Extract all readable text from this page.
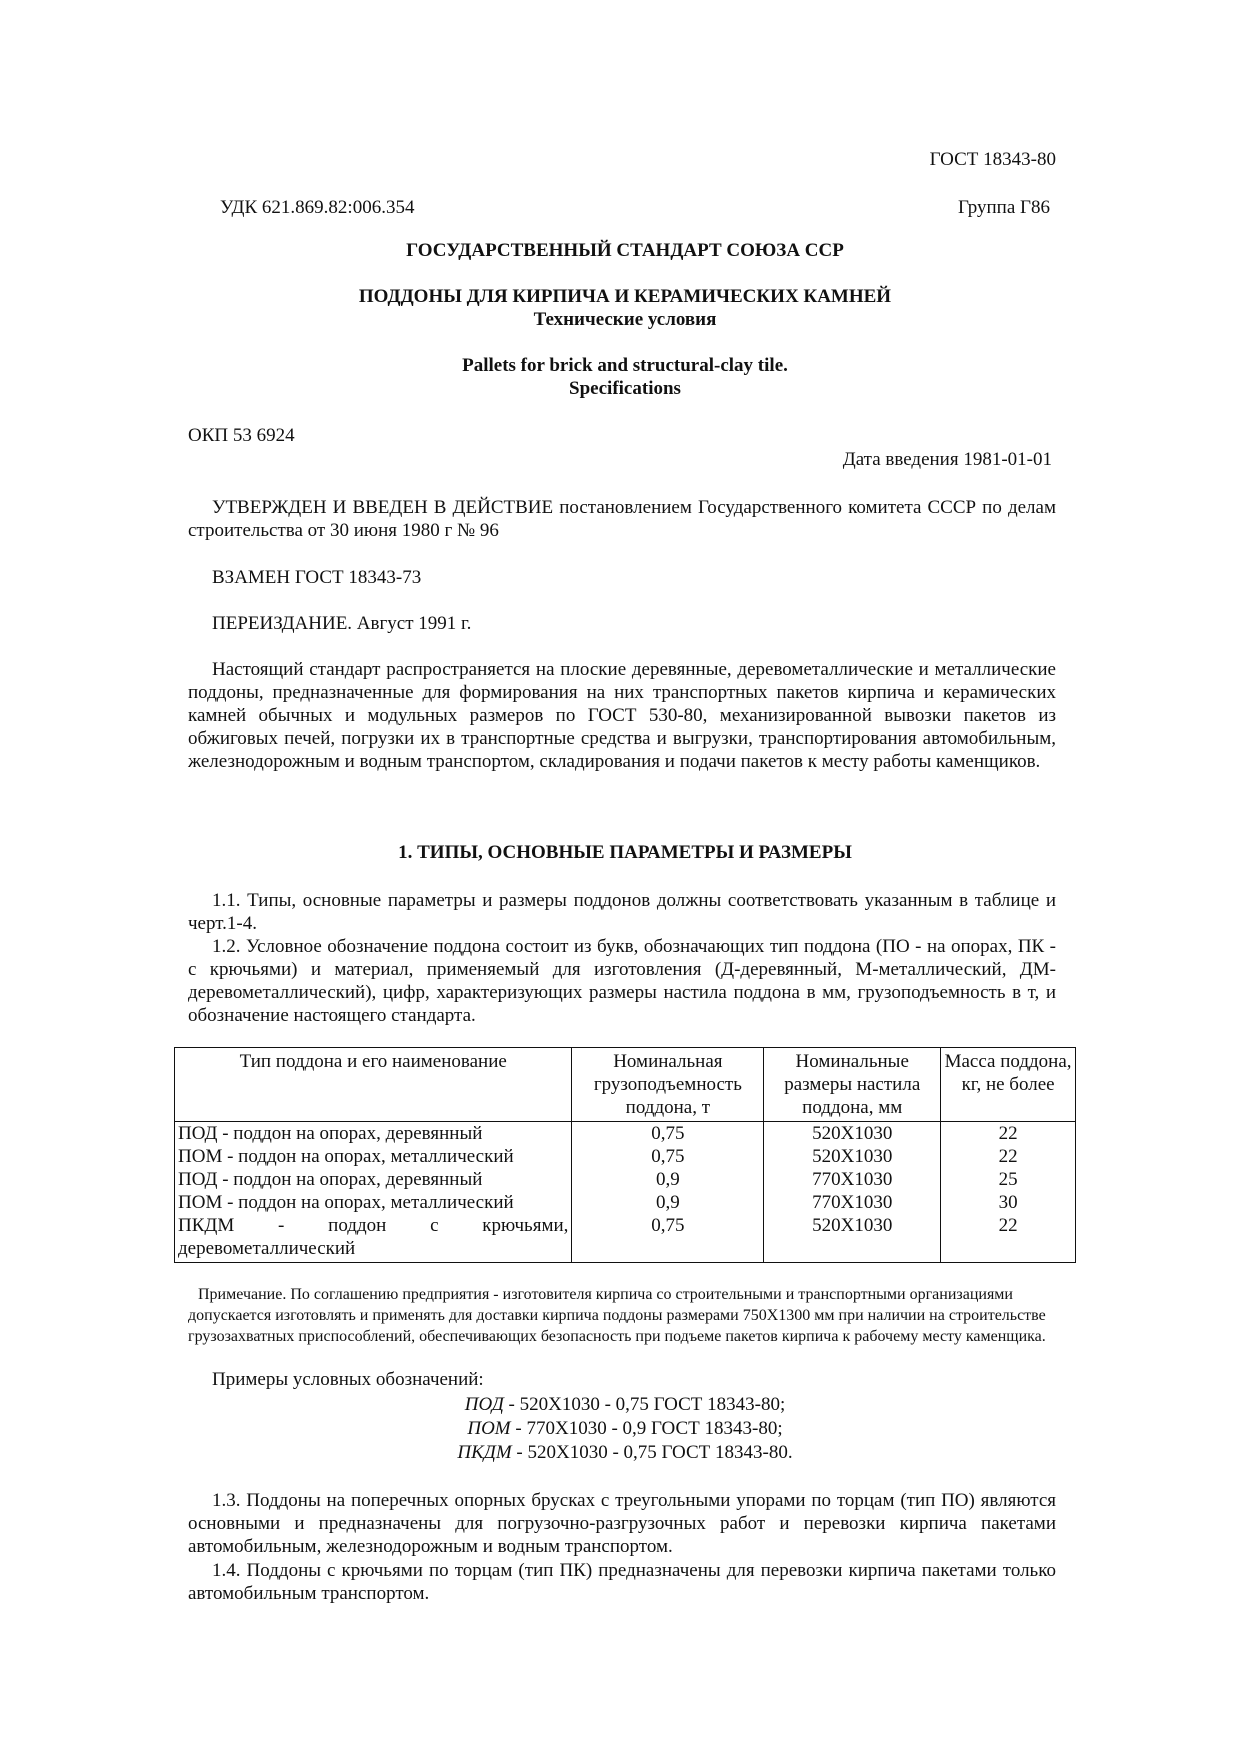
ГОСТ 18343-80
УДК 621.869.82:006.354	Группа Г86
ГОСУДАРСТВЕННЫЙ СТАНДАРТ СОЮЗА ССР
ПОДДОНЫ ДЛЯ КИРПИЧА И КЕРАМИЧЕСКИХ КАМНЕЙ
Технические условия
Pallets for brick and structural-clay tile.
Specifications
ОКП 53 6924
Дата введения 1981-01-01
УТВЕРЖДЕН И ВВЕДЕН В ДЕЙСТВИЕ постановлением Государственного комитета СССР по делам строительства от 30 июня 1980 г № 96
ВЗАМЕН ГОСТ 18343-73
ПЕРЕИЗДАНИЕ. Август 1991 г.
Настоящий стандарт распространяется на плоские деревянные, деревометаллические и металлические поддоны, предназначенные для формирования на них транспортных пакетов кирпича и керамических камней обычных и модульных размеров по ГОСТ 530-80, механизированной вывозки пакетов из обжиговых печей, погрузки их в транспортные средства и выгрузки, транспортирования автомобильным, железнодорожным и водным транспортом, складирования и подачи пакетов к месту работы каменщиков.
1. ТИПЫ, ОСНОВНЫЕ ПАРАМЕТРЫ И РАЗМЕРЫ
1.1. Типы, основные параметры и размеры поддонов должны соответствовать указанным в таблице и черт.1-4.
1.2. Условное обозначение поддона состоит из букв, обозначающих тип поддона (ПО - на опорах, ПК - с крючьями) и материал, применяемый для изготовления (Д-деревянный, М-металлический, ДМ-деревометаллический), цифр, характеризующих размеры настила поддона в мм, грузоподъемность в т, и обозначение настоящего стандарта.
Тип поддона и его наименование	Номинальная грузоподъемность поддона, т	Номинальные размеры настила поддона, мм	Масса поддона, кг, не более
ПОД - поддон на опорах, деревянный	0,75	520Х1030	22
ПОМ - поддон на опорах, металлический	0,75	520Х1030	22
ПОД - поддон на опорах, деревянный	0,9	770Х1030	25
ПОМ - поддон на опорах, металлический	0,9	770Х1030	30
ПКДМ - поддон с крючьями, деревометаллический	0,75	520Х1030	22
Примечание. По соглашению предприятия - изготовителя кирпича со строительными и транспортными организациями допускается изготовлять и применять для доставки кирпича поддоны размерами 750Х1300 мм при наличии на строительстве грузозахватных приспособлений, обеспечивающих безопасность при подъеме пакетов кирпича к рабочему месту каменщика.
Примеры условных обозначений:
ПОД - 520Х1030 - 0,75 ГОСТ 18343-80;
ПОМ - 770Х1030 - 0,9 ГОСТ 18343-80;
ПКДМ - 520Х1030 - 0,75 ГОСТ 18343-80.
1.3. Поддоны на поперечных опорных брусках с треугольными упорами по торцам (тип ПО) являются основными и предназначены для погрузочно-разгрузочных работ и перевозки кирпича пакетами автомобильным, железнодорожным и водным транспортом.
1.4. Поддоны с крючьями по торцам (тип ПК) предназначены для перевозки кирпича пакетами только автомобильным транспортом.
